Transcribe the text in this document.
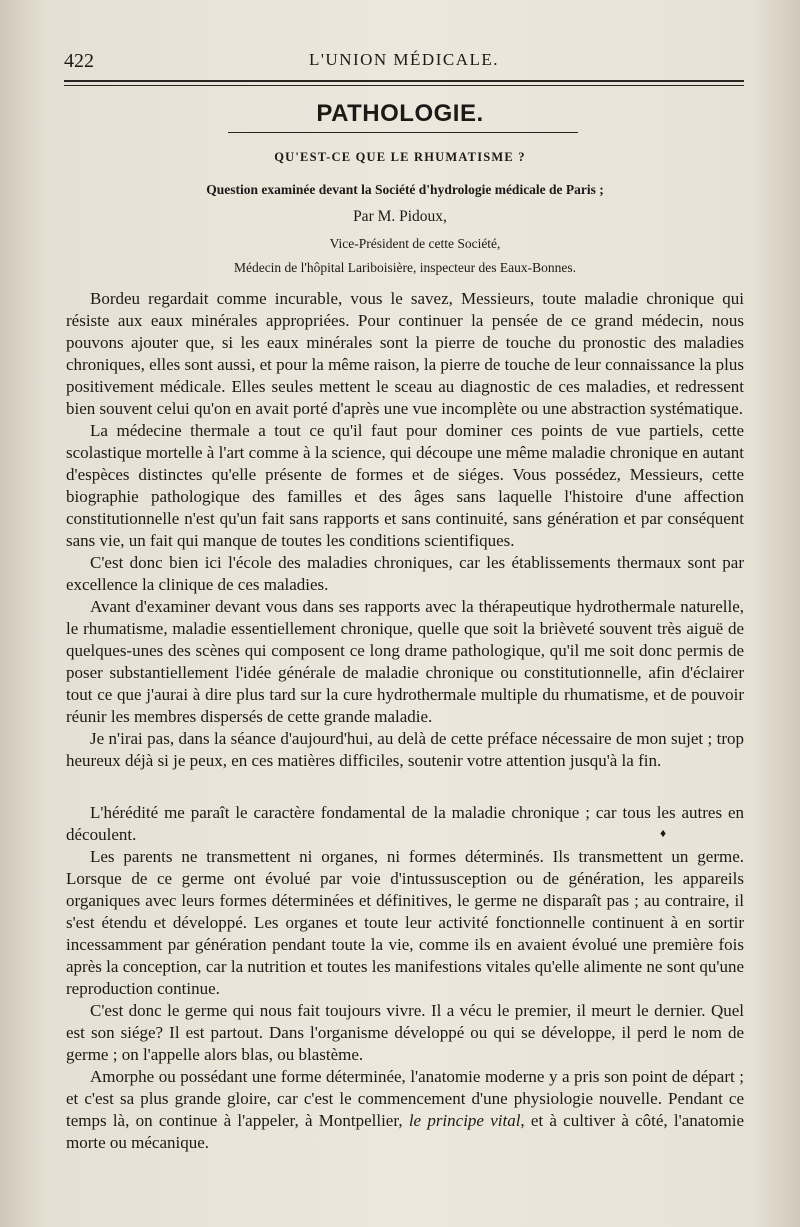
422	L'UNION MÉDICALE.
PATHOLOGIE.
QU'EST-CE QUE LE RHUMATISME ?
Question examinée devant la Société d'hydrologie médicale de Paris ;
Par M. Pidoux,
Vice-Président de cette Société,
Médecin de l'hôpital Lariboisière, inspecteur des Eaux-Bonnes.

Bordeu regardait comme incurable, vous le savez, Messieurs, toute maladie chronique qui résiste aux eaux minérales appropriées. Pour continuer la pensée de ce grand médecin, nous pouvons ajouter que, si les eaux minérales sont la pierre de touche du pronostic des maladies chroniques, elles sont aussi, et pour la même raison, la pierre de touche de leur connaissance la plus positivement médicale. Elles seules mettent le sceau au diagnostic de ces maladies, et redressent bien souvent celui qu'on en avait porté d'après une vue incomplète ou une abstraction systématique.

La médecine thermale a tout ce qu'il faut pour dominer ces points de vue partiels, cette scolastique mortelle à l'art comme à la science, qui découpe une même maladie chronique en autant d'espèces distinctes qu'elle présente de formes et de siéges. Vous possédez, Messieurs, cette biographie pathologique des familles et des âges sans laquelle l'histoire d'une affection constitutionnelle n'est qu'un fait sans rapports et sans continuité, sans génération et par conséquent sans vie, un fait qui manque de toutes les conditions scientifiques.

C'est donc bien ici l'école des maladies chroniques, car les établissements thermaux sont par excellence la clinique de ces maladies.

Avant d'examiner devant vous dans ses rapports avec la thérapeutique hydrothermale naturelle, le rhumatisme, maladie essentiellement chronique, quelle que soit la brièveté souvent très aiguë de quelques-unes des scènes qui composent ce long drame pathologique, qu'il me soit donc permis de poser substantiellement l'idée générale de maladie chronique ou constitutionnelle, afin d'éclairer tout ce que j'aurai à dire plus tard sur la cure hydrothermale multiple du rhumatisme, et de pouvoir réunir les membres dispersés de cette grande maladie.

Je n'irai pas, dans la séance d'aujourd'hui, au delà de cette préface nécessaire de mon sujet ; trop heureux déjà si je peux, en ces matières difficiles, soutenir votre attention jusqu'à la fin.

L'hérédité me paraît le caractère fondamental de la maladie chronique ; car tous les autres en découlent.

Les parents ne transmettent ni organes, ni formes déterminés. Ils transmettent un germe. Lorsque de ce germe ont évolué par voie d'intussusception ou de génération, les appareils organiques avec leurs formes déterminées et définitives, le germe ne disparaît pas ; au contraire, il s'est étendu et développé. Les organes et toute leur activité fonctionnelle continuent à en sortir incessamment par génération pendant toute la vie, comme ils en avaient évolué une première fois après la conception, car la nutrition et toutes les manifestions vitales qu'elle alimente ne sont qu'une reproduction continue.

C'est donc le germe qui nous fait toujours vivre. Il a vécu le premier, il meurt le dernier. Quel est son siége? Il est partout. Dans l'organisme développé ou qui se développe, il perd le nom de germe ; on l'appelle alors blas, ou blastème.

Amorphe ou possédant une forme déterminée, l'anatomie moderne y a pris son point de départ ; et c'est sa plus grande gloire, car c'est le commencement d'une physiologie nouvelle. Pendant ce temps là, on continue à l'appeler, à Montpellier, le principe vital, et à cultiver à côté, l'anatomie morte ou mécanique.

♦
